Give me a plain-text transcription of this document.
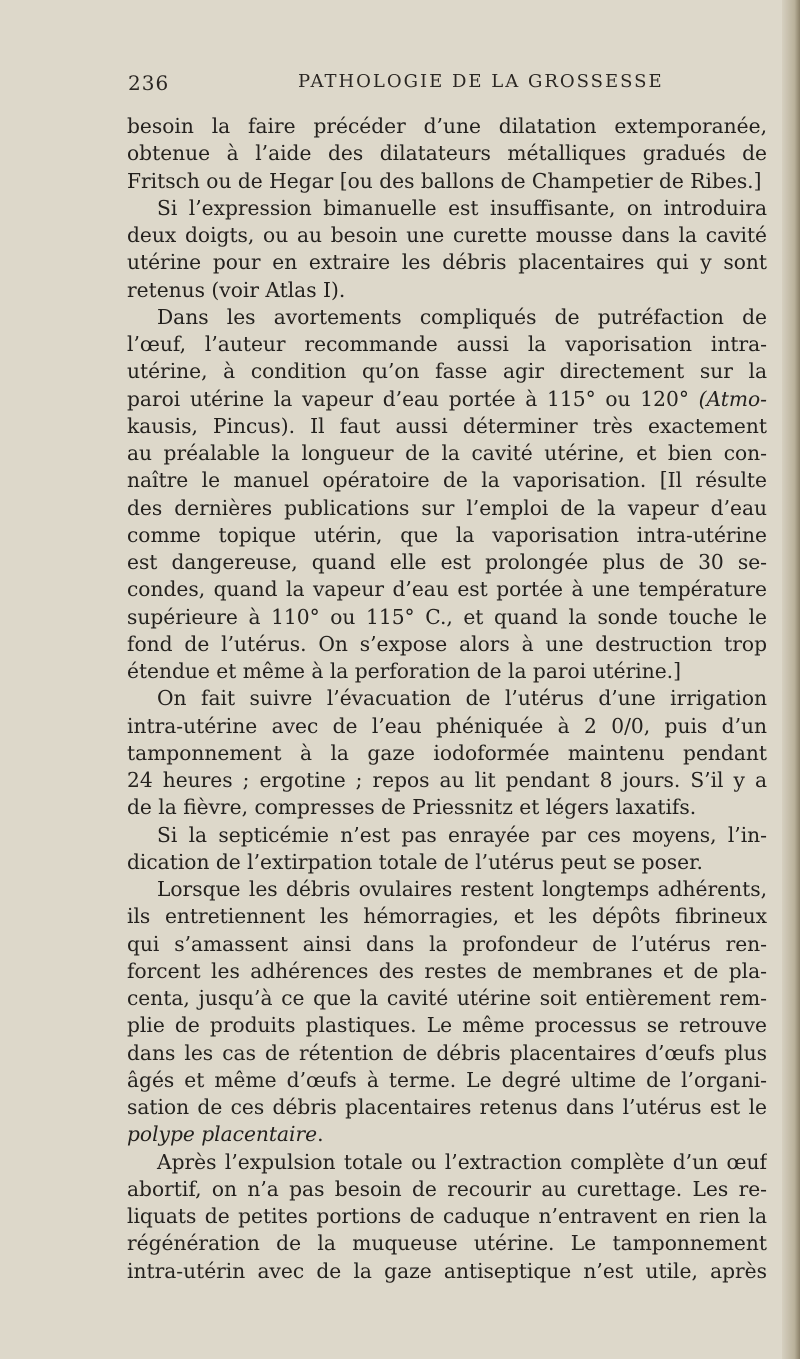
236	PATHOLOGIE DE LA GROSSESSE
besoin la faire précéder d’une dilatation extemporanée,
obtenue à l’aide des dilatateurs métalliques gradués de
Fritsch ou de Hegar [ou des ballons de Champetier de Ribes.]
Si l’expression bimanuelle est insuffisante, on introduira
deux doigts, ou au besoin une curette mousse dans la cavité
utérine pour en extraire les débris placentaires qui y sont
retenus (voir Atlas I).
Dans les avortements compliqués de putréfaction de
l’œuf, l’auteur recommande aussi la vaporisation intra-
utérine, à condition qu’on fasse agir directement sur la
paroi utérine la vapeur d’eau portée à 115° ou 120° (Atmo-
kausis, Pincus). Il faut aussi déterminer très exactement
au préalable la longueur de la cavité utérine, et bien con-
naître le manuel opératoire de la vaporisation. [Il résulte
des dernières publications sur l’emploi de la vapeur d’eau
comme topique utérin, que la vaporisation intra-utérine
est dangereuse, quand elle est prolongée plus de 30 se-
condes, quand la vapeur d’eau est portée à une température
supérieure à 110° ou 115° C., et quand la sonde touche le
fond de l’utérus. On s’expose alors à une destruction trop
étendue et même à la perforation de la paroi utérine.]
On fait suivre l’évacuation de l’utérus d’une irrigation
intra-utérine avec de l’eau phéniquée à 2 0/0, puis d’un
tamponnement à la gaze iodoformée maintenu pendant
24 heures ; ergotine ; repos au lit pendant 8 jours. S’il y a
de la fièvre, compresses de Priessnitz et légers laxatifs.
Si la septicémie n’est pas enrayée par ces moyens, l’in-
dication de l’extirpation totale de l’utérus peut se poser.
Lorsque les débris ovulaires restent longtemps adhérents,
ils entretiennent les hémorragies, et les dépôts fibrineux
qui s’amassent ainsi dans la profondeur de l’utérus ren-
forcent les adhérences des restes de membranes et de pla-
centa, jusqu’à ce que la cavité utérine soit entièrement rem-
plie de produits plastiques. Le même processus se retrouve
dans les cas de rétention de débris placentaires d’œufs plus
âgés et même d’œufs à terme. Le degré ultime de l’organi-
sation de ces débris placentaires retenus dans l’utérus est le
polype placentaire.
Après l’expulsion totale ou l’extraction complète d’un œuf
abortif, on n’a pas besoin de recourir au curettage. Les re-
liquats de petites portions de caduque n’entravent en rien la
régénération de la muqueuse utérine. Le tamponnement
intra-utérin avec de la gaze antiseptique n’est utile, après
